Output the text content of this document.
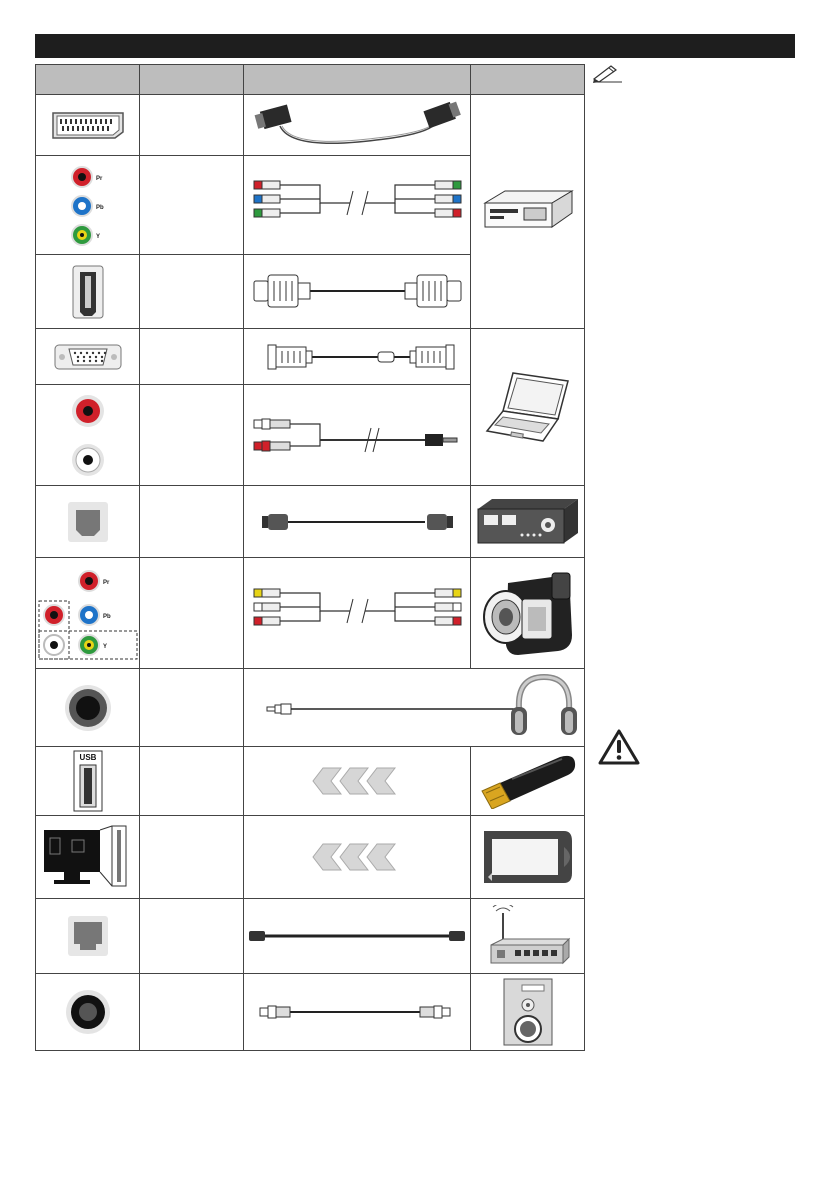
Pr
Pb
Y

Pr
Pb
Y

USB
